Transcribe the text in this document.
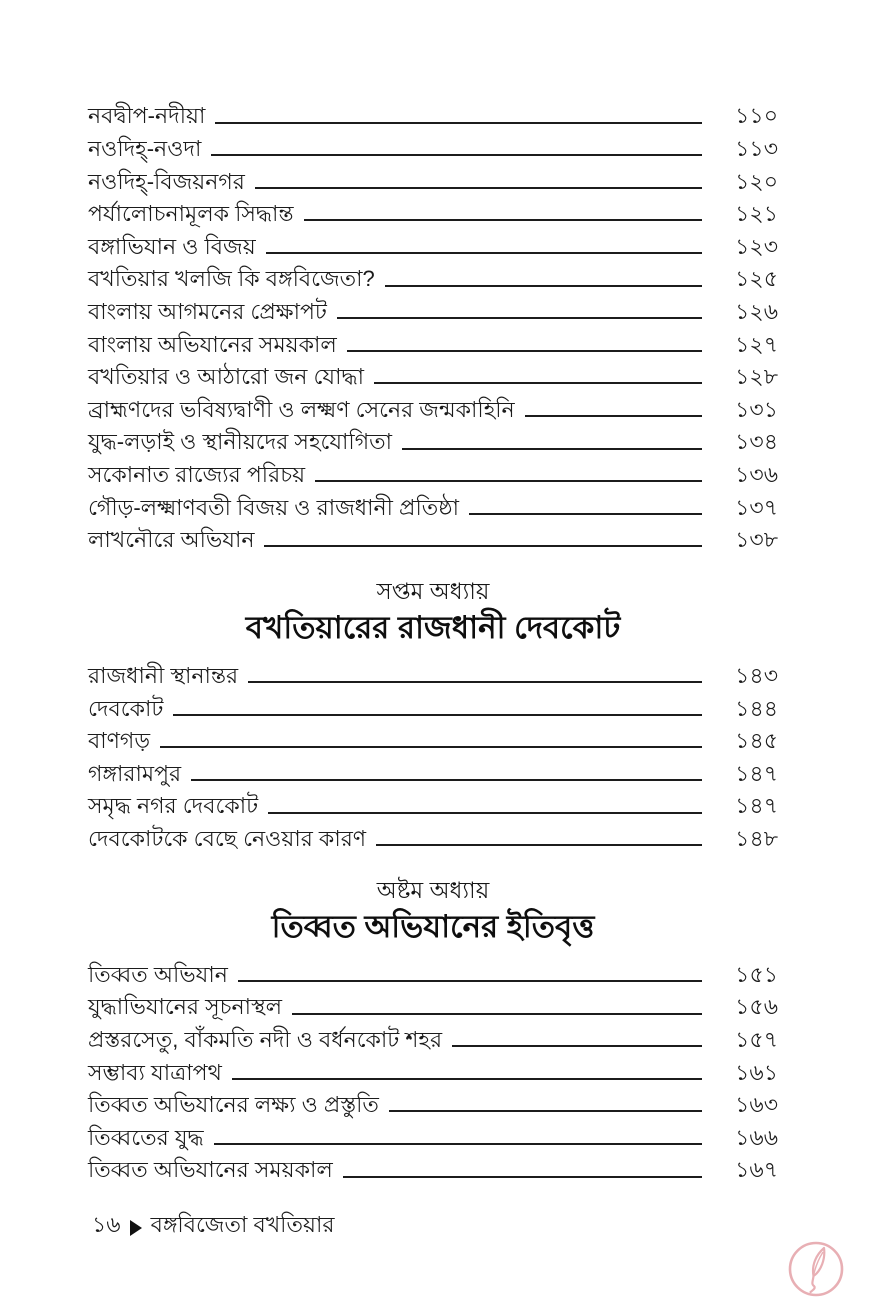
নবদ্বীপ-নদীয়া	১১০
নওদিহ্-নওদা	১১৩
নওদিহ্-বিজয়নগর	১২০
পর্যালোচনামূলক সিদ্ধান্ত	১২১
বঙ্গাভিযান ও বিজয়	১২৩
বখতিয়ার খলজি কি বঙ্গবিজেতা?	১২৫
বাংলায় আগমনের প্রেক্ষাপট	১২৬
বাংলায় অভিযানের সময়কাল	১২৭
বখতিয়ার ও আঠারো জন যোদ্ধা	১২৮
ব্রাহ্মণদের ভবিষ্যদ্বাণী ও লক্ষ্মণ সেনের জন্মকাহিনি	১৩১
যুদ্ধ-লড়াই ও স্থানীয়দের সহযোগিতা	১৩৪
সকোনাত রাজ্যের পরিচয়	১৩৬
গৌড়-লক্ষ্মাণবতী বিজয় ও রাজধানী প্রতিষ্ঠা	১৩৭
লাখনৌরে অভিযান	১৩৮
সপ্তম অধ্যায়
বখতিয়ারের রাজধানী দেবকোট
রাজধানী স্থানান্তর	১৪৩
দেবকোট	১৪৪
বাণগড়	১৪৫
গঙ্গারামপুর	১৪৭
সমৃদ্ধ নগর দেবকোট	১৪৭
দেবকোটকে বেছে নেওয়ার কারণ	১৪৮
অষ্টম অধ্যায়
তিব্বত অভিযানের ইতিবৃত্ত
তিব্বত অভিযান	১৫১
যুদ্ধাভিযানের সূচনাস্থল	১৫৬
প্রস্তরসেতু, বাঁকমতি নদী ও বর্ধনকোট শহর	১৫৭
সম্ভাব্য যাত্রাপথ	১৬১
তিব্বত অভিযানের লক্ষ্য ও প্রস্তুতি	১৬৩
তিব্বতের যুদ্ধ	১৬৬
তিব্বত অভিযানের সময়কাল	১৬৭
১৬ বঙ্গবিজেতা বখতিয়ার
